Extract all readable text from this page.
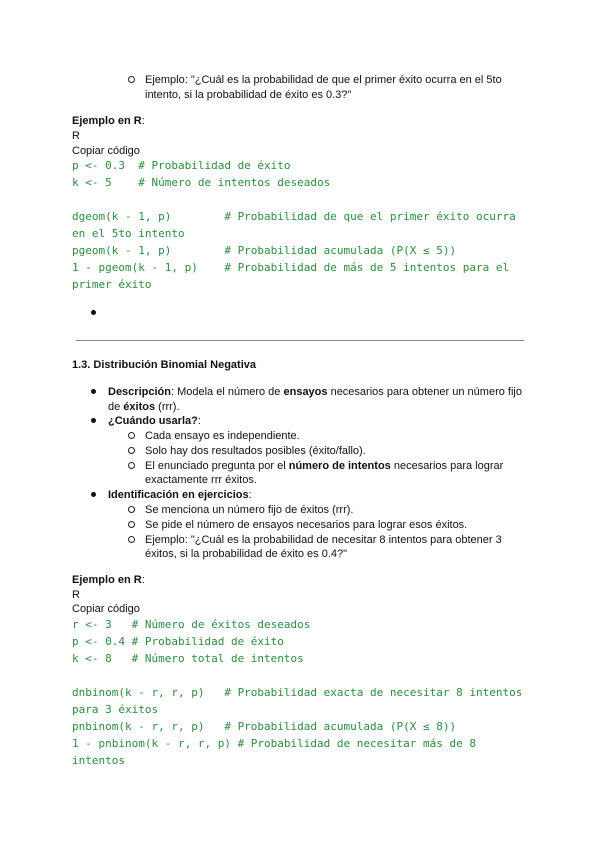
Ejemplo: "¿Cuál es la probabilidad de que el primer éxito ocurra en el 5to
intento, si la probabilidad de éxito es 0.3?"
Ejemplo en R:
R
Copiar código
p <- 0.3  # Probabilidad de éxito
k <- 5    # Número de intentos deseados

dgeom(k - 1, p)        # Probabilidad de que el primer éxito ocurra
en el 5to intento
pgeom(k - 1, p)        # Probabilidad acumulada (P(X ≤ 5))
1 - pgeom(k - 1, p)    # Probabilidad de más de 5 intentos para el
primer éxito
1.3. Distribución Binomial Negativa
Descripción: Modela el número de ensayos necesarios para obtener un número fijo
de éxitos (rrr).
¿Cuándo usarla?:
Cada ensayo es independiente.
Solo hay dos resultados posibles (éxito/fallo).
El enunciado pregunta por el número de intentos necesarios para lograr
exactamente rrr éxitos.
Identificación en ejercicios:
Se menciona un número fijo de éxitos (rrr).
Se pide el número de ensayos necesarios para lograr esos éxitos.
Ejemplo: "¿Cuál es la probabilidad de necesitar 8 intentos para obtener 3
éxitos, si la probabilidad de éxito es 0.4?"
Ejemplo en R:
R
Copiar código
r <- 3   # Número de éxitos deseados
p <- 0.4 # Probabilidad de éxito
k <- 8   # Número total de intentos

dnbinom(k - r, r, p)   # Probabilidad exacta de necesitar 8 intentos
para 3 éxitos
pnbinom(k - r, r, p)   # Probabilidad acumulada (P(X ≤ 8))
1 - pnbinom(k - r, r, p) # Probabilidad de necesitar más de 8
intentos
